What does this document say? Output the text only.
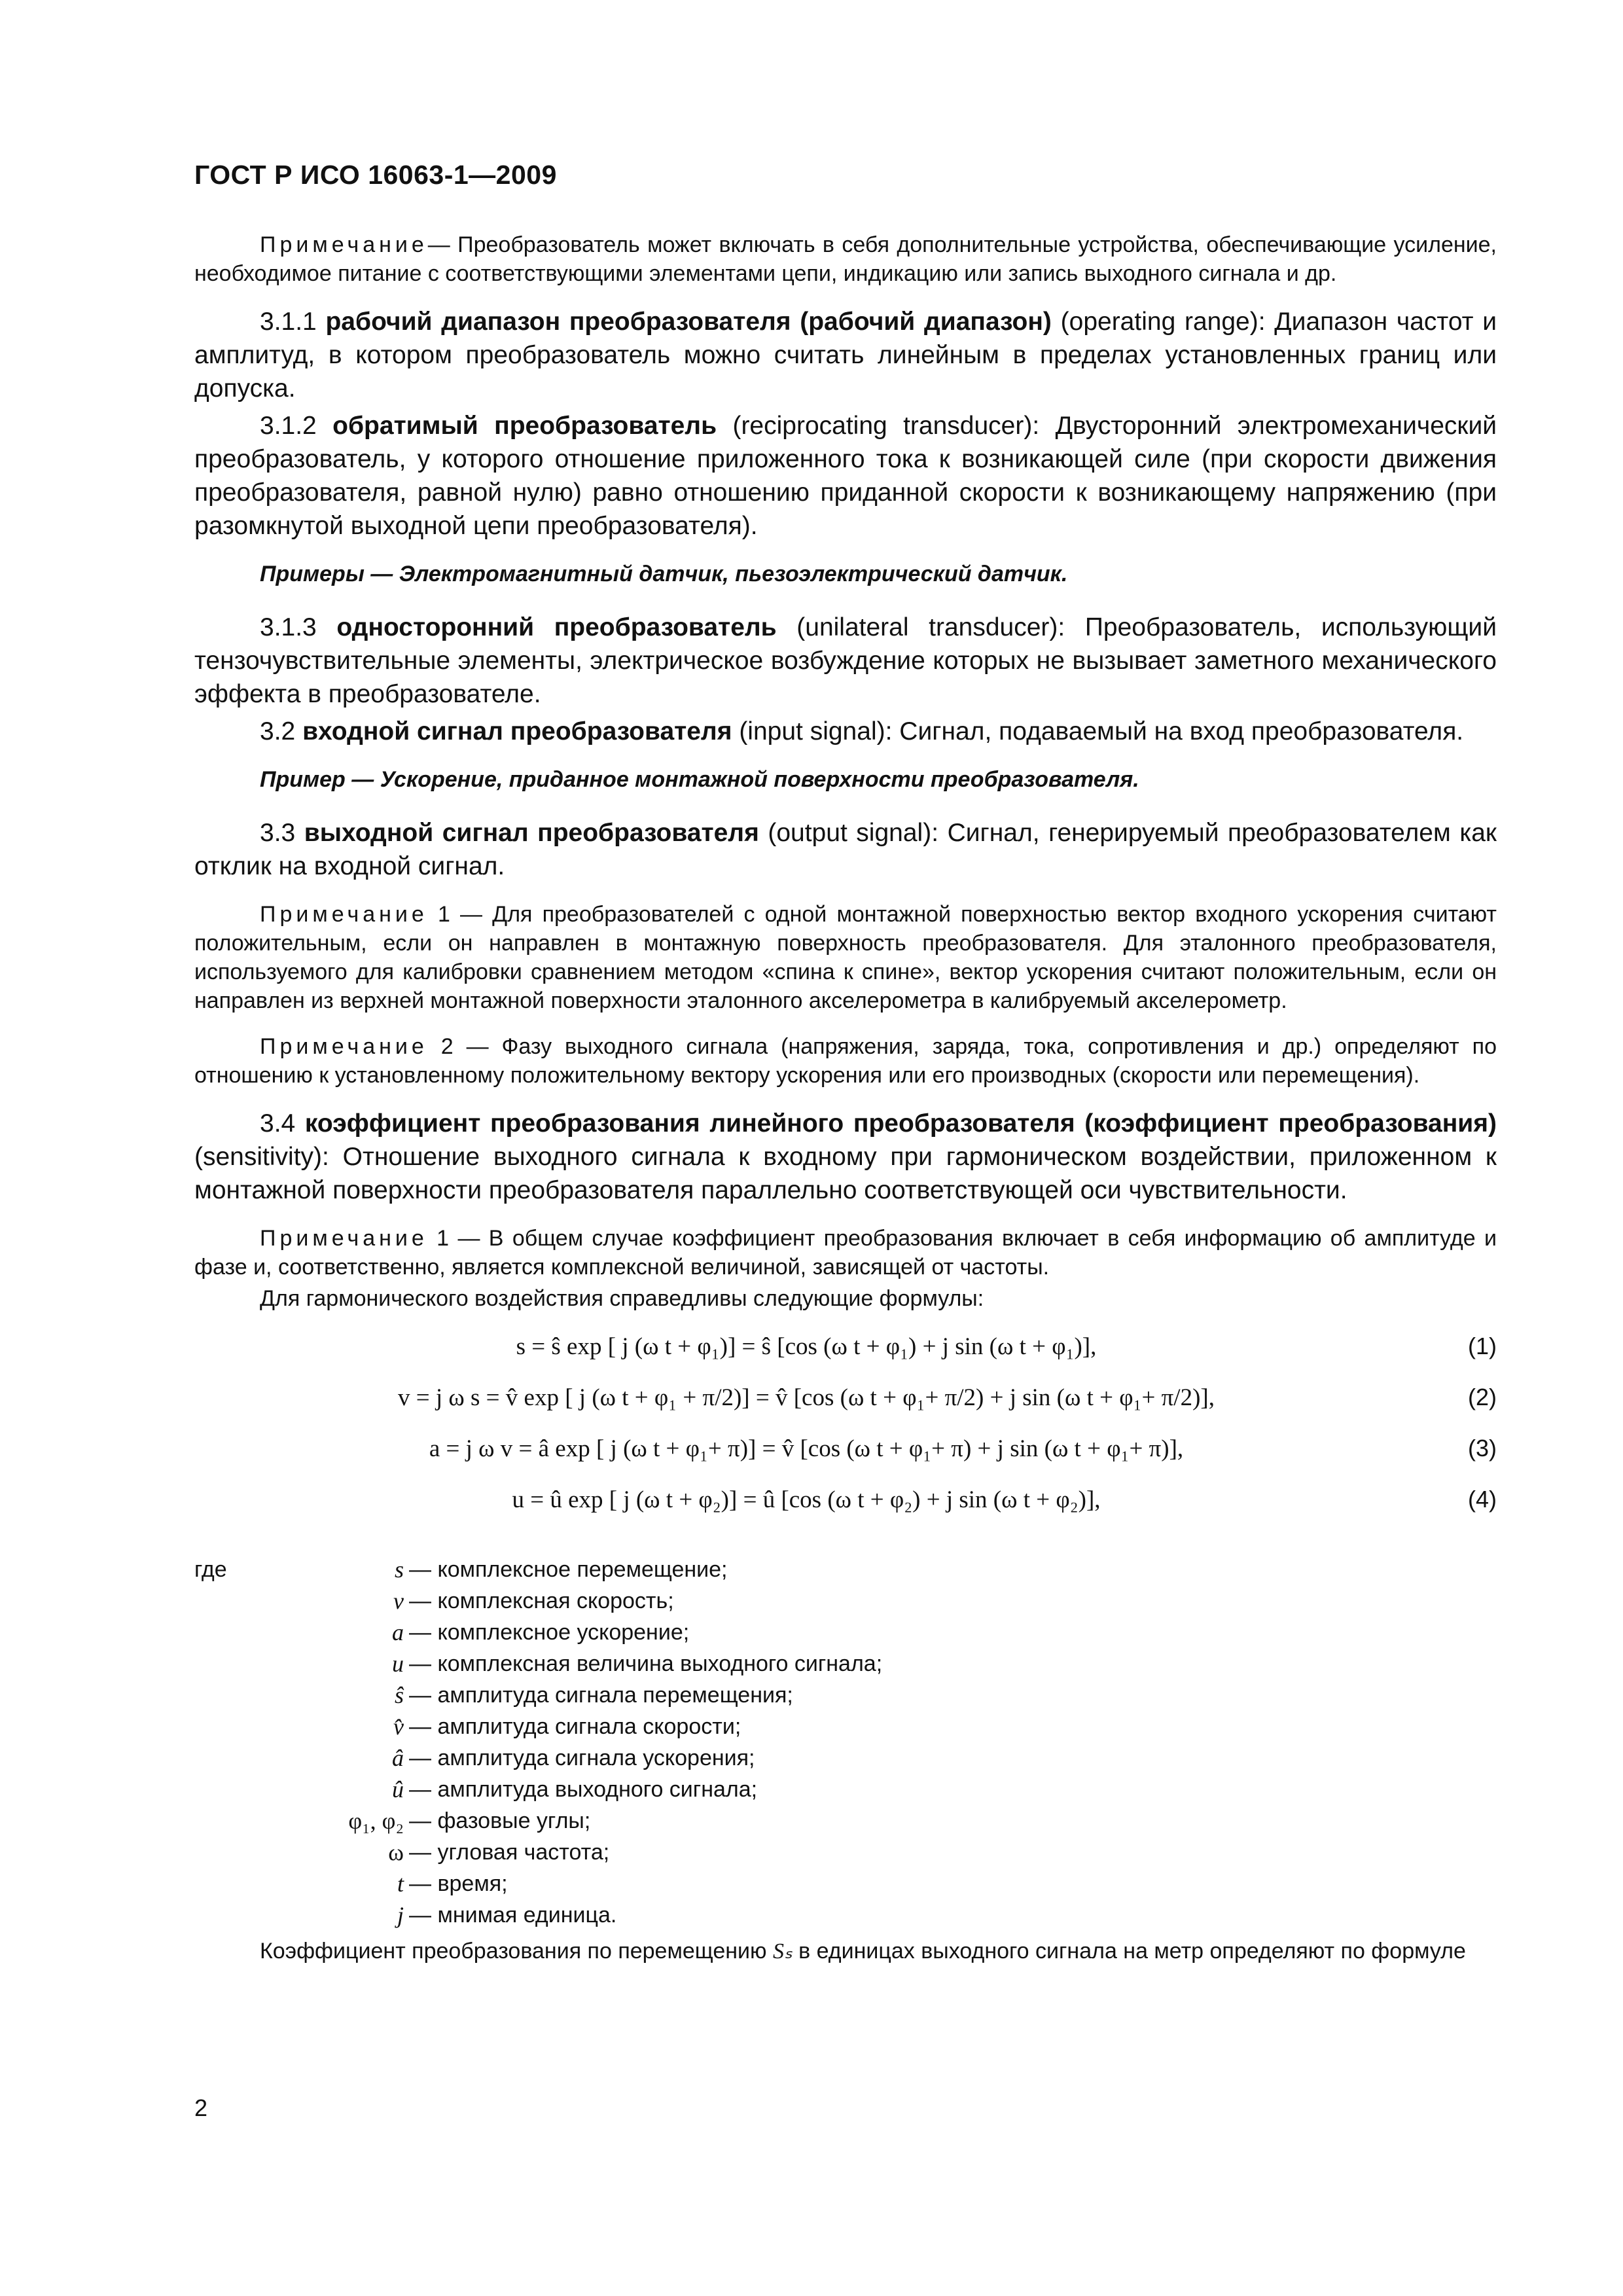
ГОСТ Р ИСО 16063-1—2009

Примечание— Преобразователь может включать в себя дополнительные устройства, обеспечивающие усиление, необходимое питание с соответствующими элементами цепи, индикацию или запись выходного сигнала и др.

3.1.1 рабочий диапазон преобразователя (рабочий диапазон) (operating range): Диапазон частот и амплитуд, в котором преобразователь можно считать линейным в пределах установленных границ или допуска.

3.1.2 обратимый преобразователь (reciprocating transducer): Двусторонний электромеханический преобразователь, у которого отношение приложенного тока к возникающей силе (при скорости движения преобразователя, равной нулю) равно отношению приданной скорости к возникающему напряжению (при разомкнутой выходной цепи преобразователя).

Примеры — Электромагнитный датчик, пьезоэлектрический датчик.

3.1.3 односторонний преобразователь (unilateral transducer): Преобразователь, использующий тензочувствительные элементы, электрическое возбуждение которых не вызывает заметного механического эффекта в преобразователе.

3.2 входной сигнал преобразователя (input signal): Сигнал, подаваемый на вход преобразователя.

Пример — Ускорение, приданное монтажной поверхности преобразователя.

3.3 выходной сигнал преобразователя (output signal): Сигнал, генерируемый преобразователем как отклик на входной сигнал.

Примечание 1 — Для преобразователей с одной монтажной поверхностью вектор входного ускорения считают положительным, если он направлен в монтажную поверхность преобразователя. Для эталонного преобразователя, используемого для калибровки сравнением методом «спина к спине», вектор ускорения считают положительным, если он направлен из верхней монтажной поверхности эталонного акселерометра в калибруемый акселерометр.

Примечание 2 — Фазу выходного сигнала (напряжения, заряда, тока, сопротивления и др.) определяют по отношению к установленному положительному вектору ускорения или его производных (скорости или перемещения).

3.4 коэффициент преобразования линейного преобразователя (коэффициент преобразования) (sensitivity): Отношение выходного сигнала к входному при гармоническом воздействии, приложенном к монтажной поверхности преобразователя параллельно соответствующей оси чувствительности.

Примечание 1 — В общем случае коэффициент преобразования включает в себя информацию об амплитуде и фазе и, соответственно, является комплексной величиной, зависящей от частоты.

Для гармонического воздействия справедливы следующие формулы:

s = ŝ exp [ j (ω t + φ₁)] = ŝ [cos (ω t + φ₁) + j sin (ω t + φ₁)],	(1)
v = j ω s = v̂ exp [ j (ω t + φ₁ + π/2)] = v̂ [cos (ω t + φ₁+ π/2) + j sin (ω t + φ₁+ π/2)],	(2)
a = j ω v = â exp [ j (ω t + φ₁+ π)] = v̂ [cos (ω t + φ₁+ π) + j sin (ω t + φ₁+ π)],	(3)
u = û exp [ j (ω t + φ₂)] = û [cos (ω t + φ₂) + j sin (ω t + φ₂)],	(4)
где	s — комплексное перемещение;
v — комплексная скорость;
a — комплексное ускорение;
u — комплексная величина выходного сигнала;
ŝ — амплитуда сигнала перемещения;
v̂ — амплитуда сигнала скорости;
â — амплитуда сигнала ускорения;
û — амплитуда выходного сигнала;
φ₁, φ₂ — фазовые углы;
ω — угловая частота;
t — время;
j — мнимая единица.

Коэффициент преобразования по перемещению Sₛ в единицах выходного сигнала на метр определяют по формуле

2
